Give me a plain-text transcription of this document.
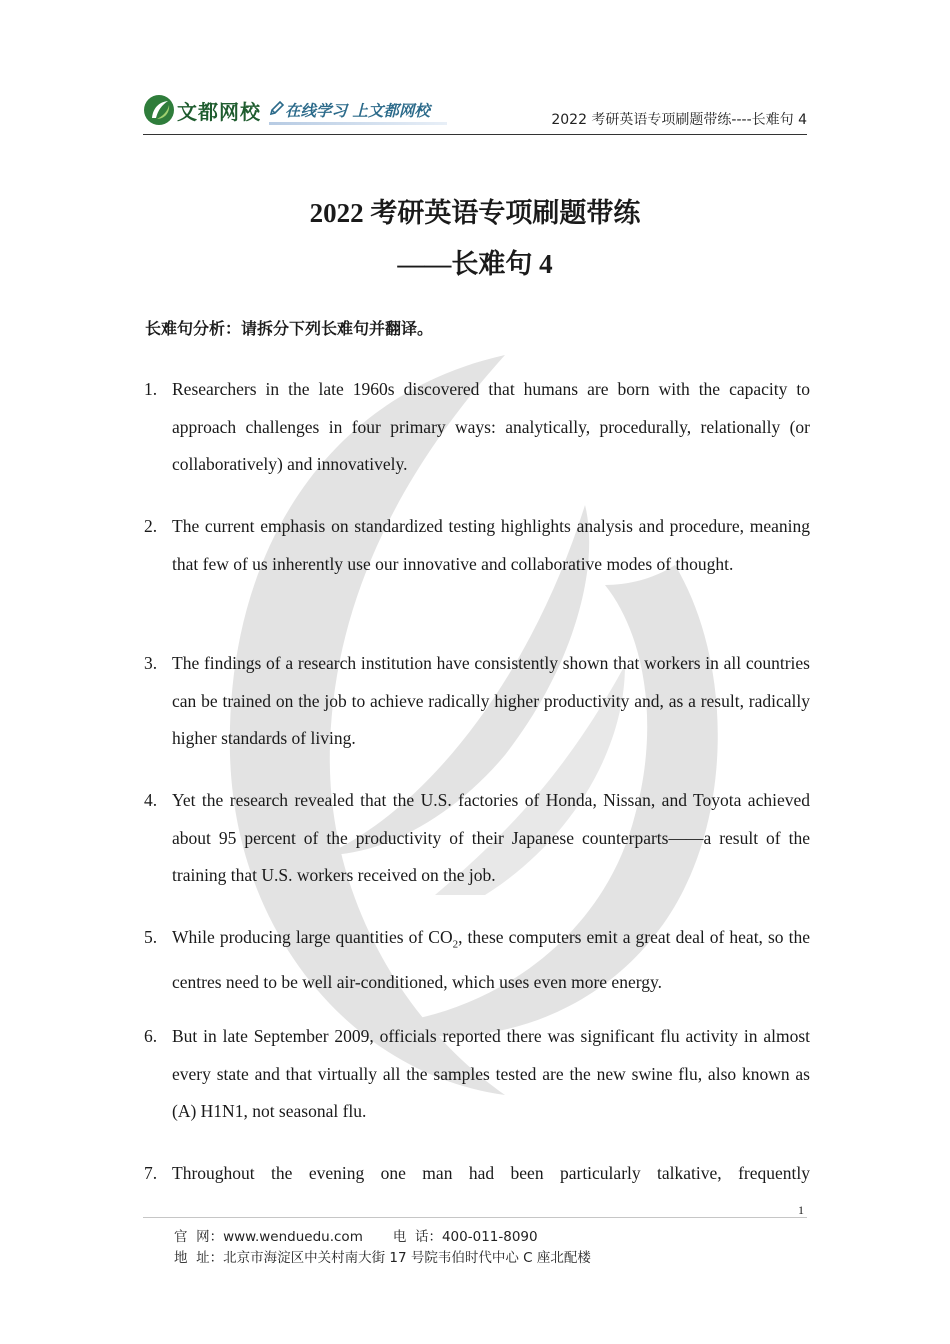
文都网校 在线学习 上文都网校	2022 考研英语专项刷题带练----长难句 4
2022 考研英语专项刷题带练
——长难句 4
长难句分析：请拆分下列长难句并翻译。
1. Researchers in the late 1960s discovered that humans are born with the capacity to approach challenges in four primary ways: analytically, procedurally, relationally (or collaboratively) and innovatively.
2. The current emphasis on standardized testing highlights analysis and procedure, meaning that few of us inherently use our innovative and collaborative modes of thought.
3. The findings of a research institution have consistently shown that workers in all countries can be trained on the job to achieve radically higher productivity and, as a result, radically higher standards of living.
4. Yet the research revealed that the U.S. factories of Honda, Nissan, and Toyota achieved about 95 percent of the productivity of their Japanese counterparts——a result of the training that U.S. workers received on the job.
5. While producing large quantities of $CO_2$, these computers emit a great deal of heat, so the centres need to be well air-conditioned, which uses even more energy.
6. But in late September 2009, officials reported there was significant flu activity in almost every state and that virtually all the samples tested are the new swine flu, also known as (A) H1N1, not seasonal flu.
7. Throughout the evening one man had been particularly talkative, frequently
1
官  网：www.wenduedu.com       电  话：400-011-8090
地  址：北京市海淀区中关村南大街 17 号院韦伯时代中心 C 座北配楼
